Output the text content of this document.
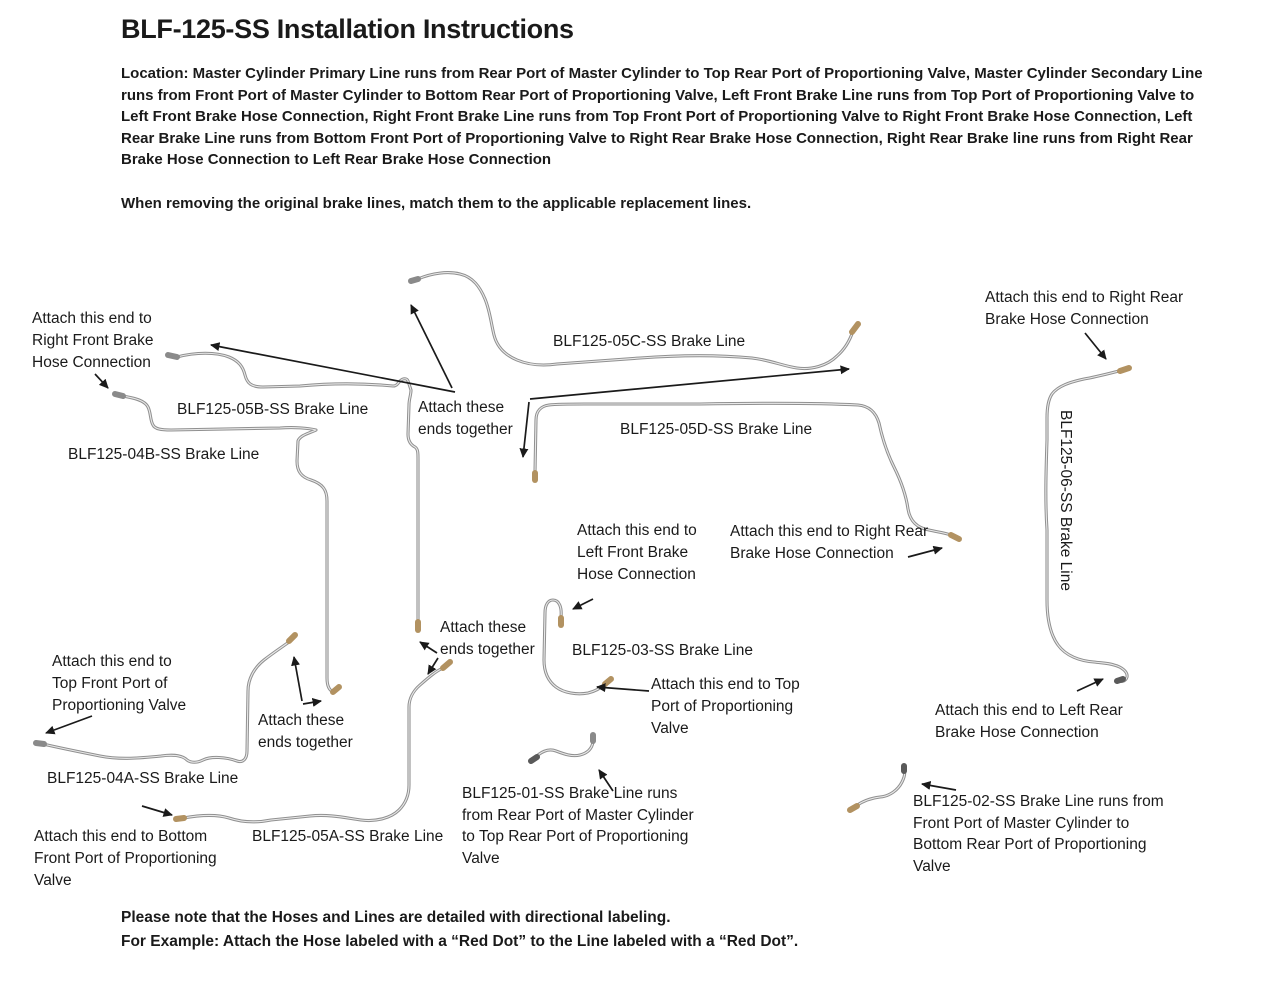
BLF-125-SS Installation Instructions
Location: Master Cylinder Primary Line runs from Rear Port of Master Cylinder to Top Rear Port of Proportioning Valve, Master Cylinder Secondary Line
runs from Front Port of Master Cylinder to Bottom Rear Port of Proportioning Valve, Left Front Brake Line runs from Top Port of Proportioning Valve to
Left Front Brake Hose Connection, Right Front Brake Line runs from Top Front Port of Proportioning Valve to Right Front Brake Hose Connection, Left
Rear Brake Line runs from Bottom Front Port of Proportioning Valve to Right Rear Brake Hose Connection, Right Rear Brake line runs from Right Rear
Brake Hose Connection to Left Rear Brake Hose Connection
When removing the original brake lines, match them to the applicable replacement lines.
Attach this end to
Right Front Brake
Hose Connection
BLF125-05B-SS Brake Line
BLF125-04B-SS Brake Line
Attach these
ends together
BLF125-05C-SS Brake Line
BLF125-05D-SS Brake Line
Attach this end to Right Rear
Brake Hose Connection
BLF125-06-SS Brake Line
Attach this end to
Left Front Brake
Hose Connection
Attach this end to Right Rear
Brake Hose Connection
Attach these
ends together BLF125-03-SS Brake Line
Attach this end to Top
Port of Proportioning
Valve
Attach this end to Left Rear
Brake Hose Connection
Attach this end to
Top Front Port of
Proportioning Valve
Attach these
ends together
BLF125-04A-SS Brake Line
Attach this end to Bottom
Front Port of Proportioning
Valve
BLF125-05A-SS Brake Line
BLF125-01-SS Brake Line runs
from Rear Port of Master Cylinder
to Top Rear Port of Proportioning
Valve
BLF125-02-SS Brake Line runs from
Front Port of Master Cylinder to
Bottom Rear Port of Proportioning
Valve
Please note that the Hoses and Lines are detailed with directional labeling.
For Example: Attach the Hose labeled with a “Red Dot” to the Line labeled with a “Red Dot”.
